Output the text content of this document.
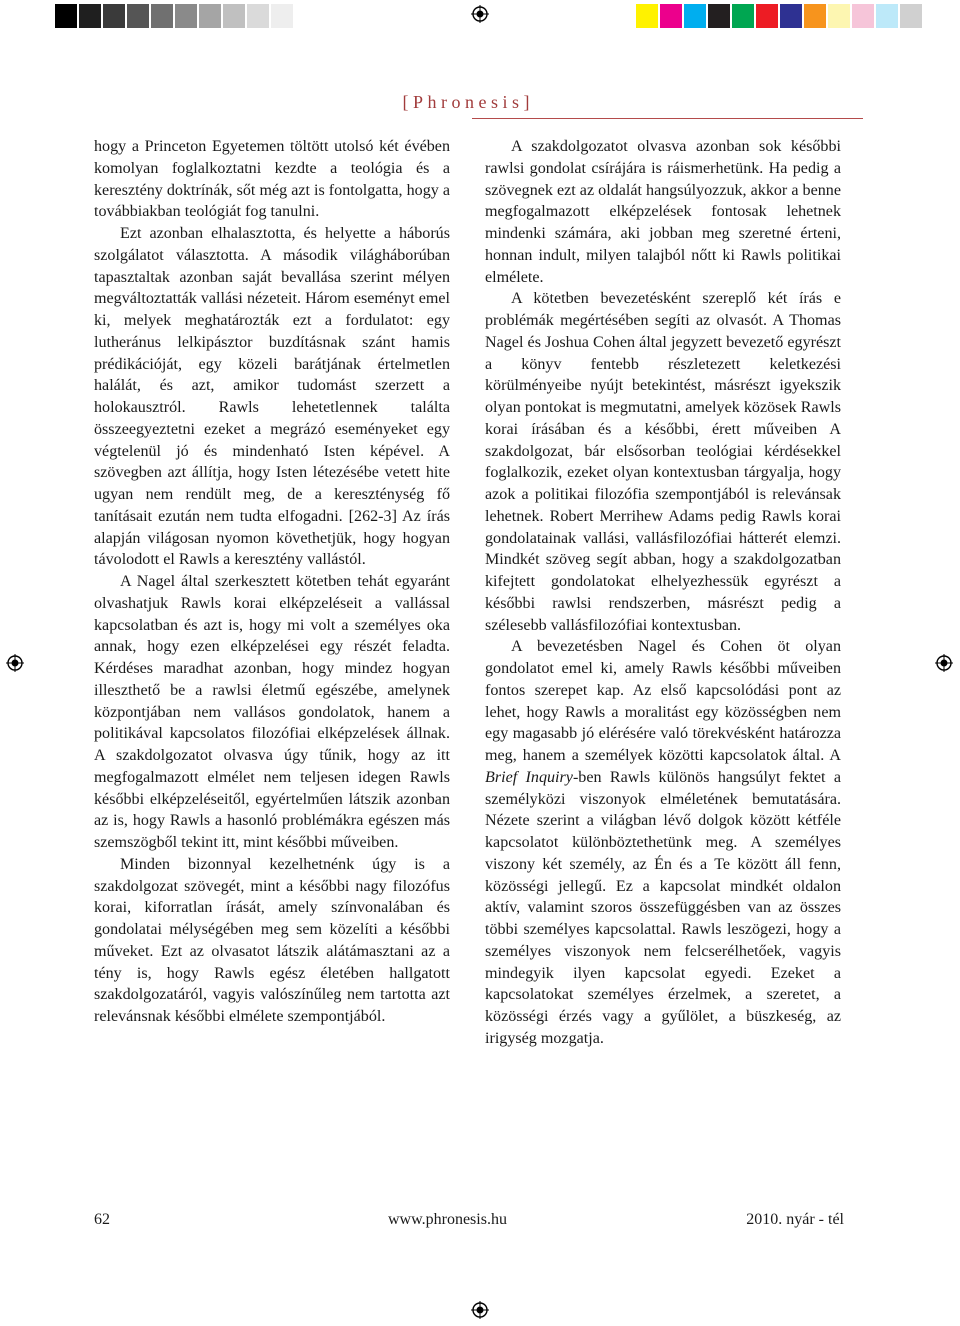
[Phronesis]

hogy a Princeton Egyetemen töltött utolsó két évében komolyan foglalkoztatni kezdte a teológia és a keresztény doktrínák, sőt még azt is fontolgatta, hogy a továbbiakban teológiát fog tanulni.

Ezt azonban elhalasztotta, és helyette a háborús szolgálatot választotta. A második világháborúban tapasztaltak azonban saját bevallása szerint mélyen megváltoztatták vallási nézeteit. Három eseményt emel ki, melyek meghatározták ezt a fordulatot: egy lutheránus lelkipásztor buzdításnak szánt hamis prédikációját, egy közeli barátjának értelmetlen halálát, és azt, amikor tudomást szerzett a holokausztról. Rawls lehetetlennek találta összeegyeztetni ezeket a megrázó eseményeket egy végtelenül jó és mindenható Isten képével. A szövegben azt állítja, hogy Isten létezésébe vetett hite ugyan nem rendült meg, de a kereszténység fő tanításait ezután nem tudta elfogadni. [262-3] Az írás alapján világosan nyomon követhetjük, hogy hogyan távolodott el Rawls a keresztény vallástól.

A Nagel által szerkesztett kötetben tehát egyaránt olvashatjuk Rawls korai elképzeléseit a vallással kapcsolatban és azt is, hogy mi volt a személyes oka annak, hogy ezen elképzelései egy részét feladta. Kérdéses maradhat azonban, hogy mindez hogyan illeszthető be a rawlsi életmű egészébe, amelynek központjában nem vallásos gondolatok, hanem a politikával kapcsolatos filozófiai elképzelések állnak. A szakdolgozatot olvasva úgy tűnik, hogy az itt megfogalmazott elmélet nem teljesen idegen Rawls későbbi elképzeléseitől, egyértelműen látszik azonban az is, hogy Rawls a hasonló problémákra egészen más szemszögből tekint itt, mint későbbi műveiben.

Minden bizonnyal kezelhetnénk úgy is a szakdolgozat szövegét, mint a későbbi nagy filozófus korai, kiforratlan írását, amely színvonalában és gondolatai mélységében meg sem közelíti a későbbi műveket. Ezt az olvasatot látszik alátámasztani az a tény is, hogy Rawls egész életében hallgatott szakdolgozatáról, vagyis valószínűleg nem tartotta azt relevánsnak későbbi elmélete szempontjából.

A szakdolgozatot olvasva azonban sok későbbi rawlsi gondolat csírájára is ráismerhetünk. Ha pedig a szövegnek ezt az oldalát hangsúlyozzuk, akkor a benne megfogalmazott elképzelések fontosak lehetnek mindenki számára, aki jobban meg szeretné érteni, honnan indult, milyen talajból nőtt ki Rawls politikai elmélete.

A kötetben bevezetésként szereplő két írás e problémák megértésében segíti az olvasót. A Thomas Nagel és Joshua Cohen által jegyzett bevezető egyrészt a könyv fentebb részletezett keletkezési körülményeibe nyújt betekintést, másrészt igyekszik olyan pontokat is megmutatni, amelyek közösek Rawls korai írásában és a későbbi, érett műveiben A szakdolgozat, bár elsősorban teológiai kérdésekkel foglalkozik, ezeket olyan kontextusban tárgyalja, hogy azok a politikai filozófia szempontjából is relevánsak lehetnek. Robert Merrihew Adams pedig Rawls korai gondolatainak vallási, vallásfilozófiai hátterét elemzi. Mindkét szöveg segít abban, hogy a szakdolgozatban kifejtett gondolatokat elhelyezhessük egyrészt a későbbi rawlsi rendszerben, másrészt pedig a szélesebb vallásfilozófiai kontextusban.

A bevezetésben Nagel és Cohen öt olyan gondolatot emel ki, amely Rawls későbbi műveiben fontos szerepet kap. Az első kapcsolódási pont az lehet, hogy Rawls a moralitást egy közösségben nem egy magasabb jó elérésére való törekvésként határozza meg, hanem a személyek közötti kapcsolatok által. A Brief Inquiry-ben Rawls különös hangsúlyt fektet a személyközi viszonyok elméletének bemutatására. Nézete szerint a világban lévő dolgok között kétféle kapcsolatot különböztethetünk meg. A személyes viszony két személy, az Én és a Te között áll fenn, közösségi jellegű. Ez a kapcsolat mindkét oldalon aktív, valamint szoros összefüggésben van az összes többi személyes kapcsolattal. Rawls leszögezi, hogy a személyes viszonyok nem felcserélhetőek, vagyis mindegyik ilyen kapcsolat egyedi. Ezeket a kapcsolatokat személyes érzelmek, a szeretet, a közösségi érzés vagy a gyűlölet, a büszkeség, az irigység mozgatja.

62	www.phronesis.hu	2010. nyár - tél
